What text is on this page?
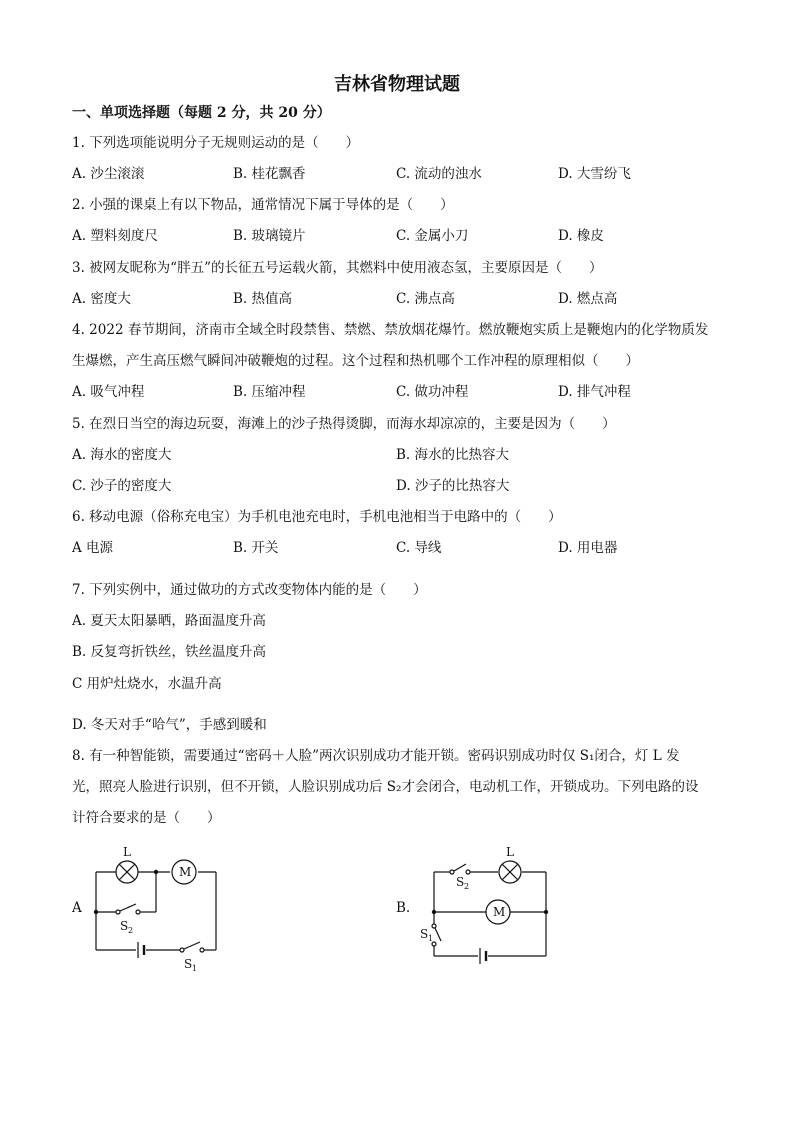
吉林省物理试题
一、单项选择题（每题 2 分，共 20 分）
1. 下列选项能说明分子无规则运动的是（　　）
A. 沙尘滚滚	B. 桂花飘香	C. 流动的浊水	D. 大雪纷飞
2. 小强的课桌上有以下物品，通常情况下属于导体的是（　　）
A. 塑料刻度尺	B. 玻璃镜片	C. 金属小刀	D. 橡皮
3. 被网友昵称为“胖五”的长征五号运载火箭，其燃料中使用液态氢，主要原因是（　　）
A. 密度大	B. 热值高	C. 沸点高	D. 燃点高
4. 2022 春节期间，济南市全域全时段禁售、禁燃、禁放烟花爆竹。燃放鞭炮实质上是鞭炮内的化学物质发
生爆燃，产生高压燃气瞬间冲破鞭炮的过程。这个过程和热机哪个工作冲程的原理相似（　　）
A. 吸气冲程	B. 压缩冲程	C. 做功冲程	D. 排气冲程
5. 在烈日当空的海边玩耍，海滩上的沙子热得烫脚，而海水却凉凉的，主要是因为（　　）
A. 海水的密度大	B. 海水的比热容大
C. 沙子的密度大	D. 沙子的比热容大
6. 移动电源（俗称充电宝）为手机电池充电时，手机电池相当于电路中的（　　）
A 电源	B. 开关	C. 导线	D. 用电器
7. 下列实例中，通过做功的方式改变物体内能的是（　　）
A. 夏天太阳暴晒，路面温度升高
B. 反复弯折铁丝，铁丝温度升高
C 用炉灶烧水，水温升高
D. 冬天对手“哈气”，手感到暖和
8. 有一种智能锁，需要通过“密码＋人脸”两次识别成功才能开锁。密码识别成功时仅 S₁闭合，灯 L 发
光，照亮人脸进行识别，但不开锁，人脸识别成功后 S₂才会闭合，电动机工作，开锁成功。下列电路的设
计符合要求的是（　　）
A	B.
L
M
S 2
S 1
L
M
S 2
S 1
